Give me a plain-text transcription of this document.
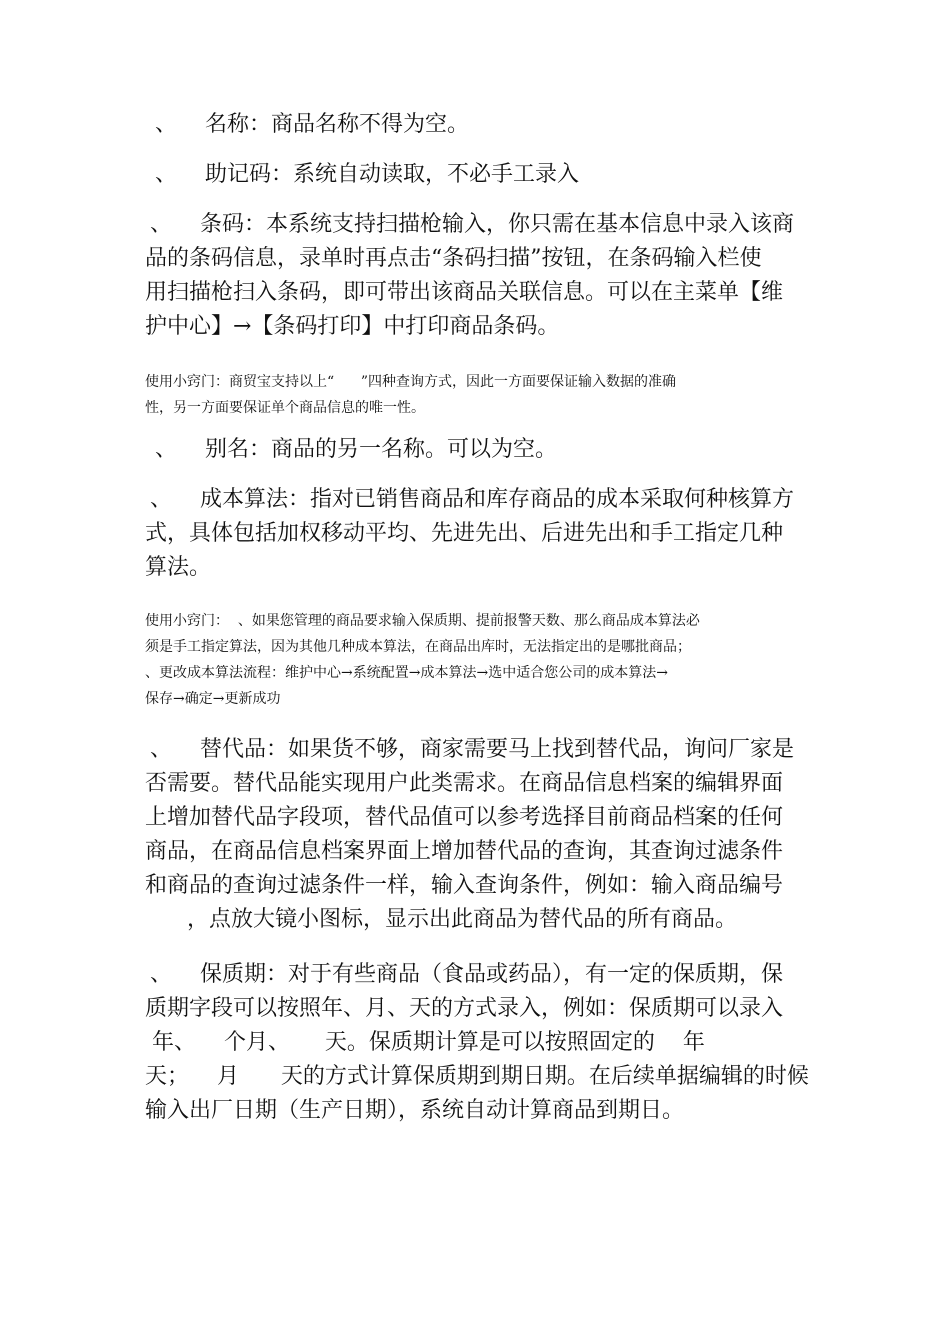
、    名称：商品名称不得为空。
、    助记码：系统自动读取，不必手工录入
、    条码：本系统支持扫描枪输入，你只需在基本信息中录入该商
品的条码信息，录单时再点击“条码扫描”按钮，在条码输入栏使
用扫描枪扫入条码，即可带出该商品关联信息。可以在主菜单【维
护中心】→【条码打印】中打印商品条码。
使用小窍门：商贸宝支持以上“      ”四种查询方式，因此一方面要保证输入数据的准确
性，另一方面要保证单个商品信息的唯一性。
、    别名：商品的另一名称。可以为空。
、    成本算法：指对已销售商品和库存商品的成本采取何种核算方
式，具体包括加权移动平均、先进先出、后进先出和手工指定几种
算法。
使用小窍门：  、如果您管理的商品要求输入保质期、提前报警天数、那么商品成本算法必
须是手工指定算法，因为其他几种成本算法，在商品出库时，无法指定出的是哪批商品；
、更改成本算法流程：维护中心→系统配置→成本算法→选中适合您公司的成本算法→
保存→确定→更新成功
、    替代品：如果货不够，商家需要马上找到替代品，询问厂家是
否需要。替代品能实现用户此类需求。在商品信息档案的编辑界面
上增加替代品字段项，替代品值可以参考选择目前商品档案的任何
商品，在商品信息档案界面上增加替代品的查询，其查询过滤条件
和商品的查询过滤条件一样，输入查询条件，例如：输入商品编号
，点放大镜小图标，显示出此商品为替代品的所有商品。
、    保质期：对于有些商品（食品或药品），有一定的保质期，保
质期字段可以按照年、月、天的方式录入，例如：保质期可以录入
年、    个月、     天。保质期计算是可以按照固定的    年
天；    月      天的方式计算保质期到期日期。在后续单据编辑的时候
输入出厂日期（生产日期），系统自动计算商品到期日。
